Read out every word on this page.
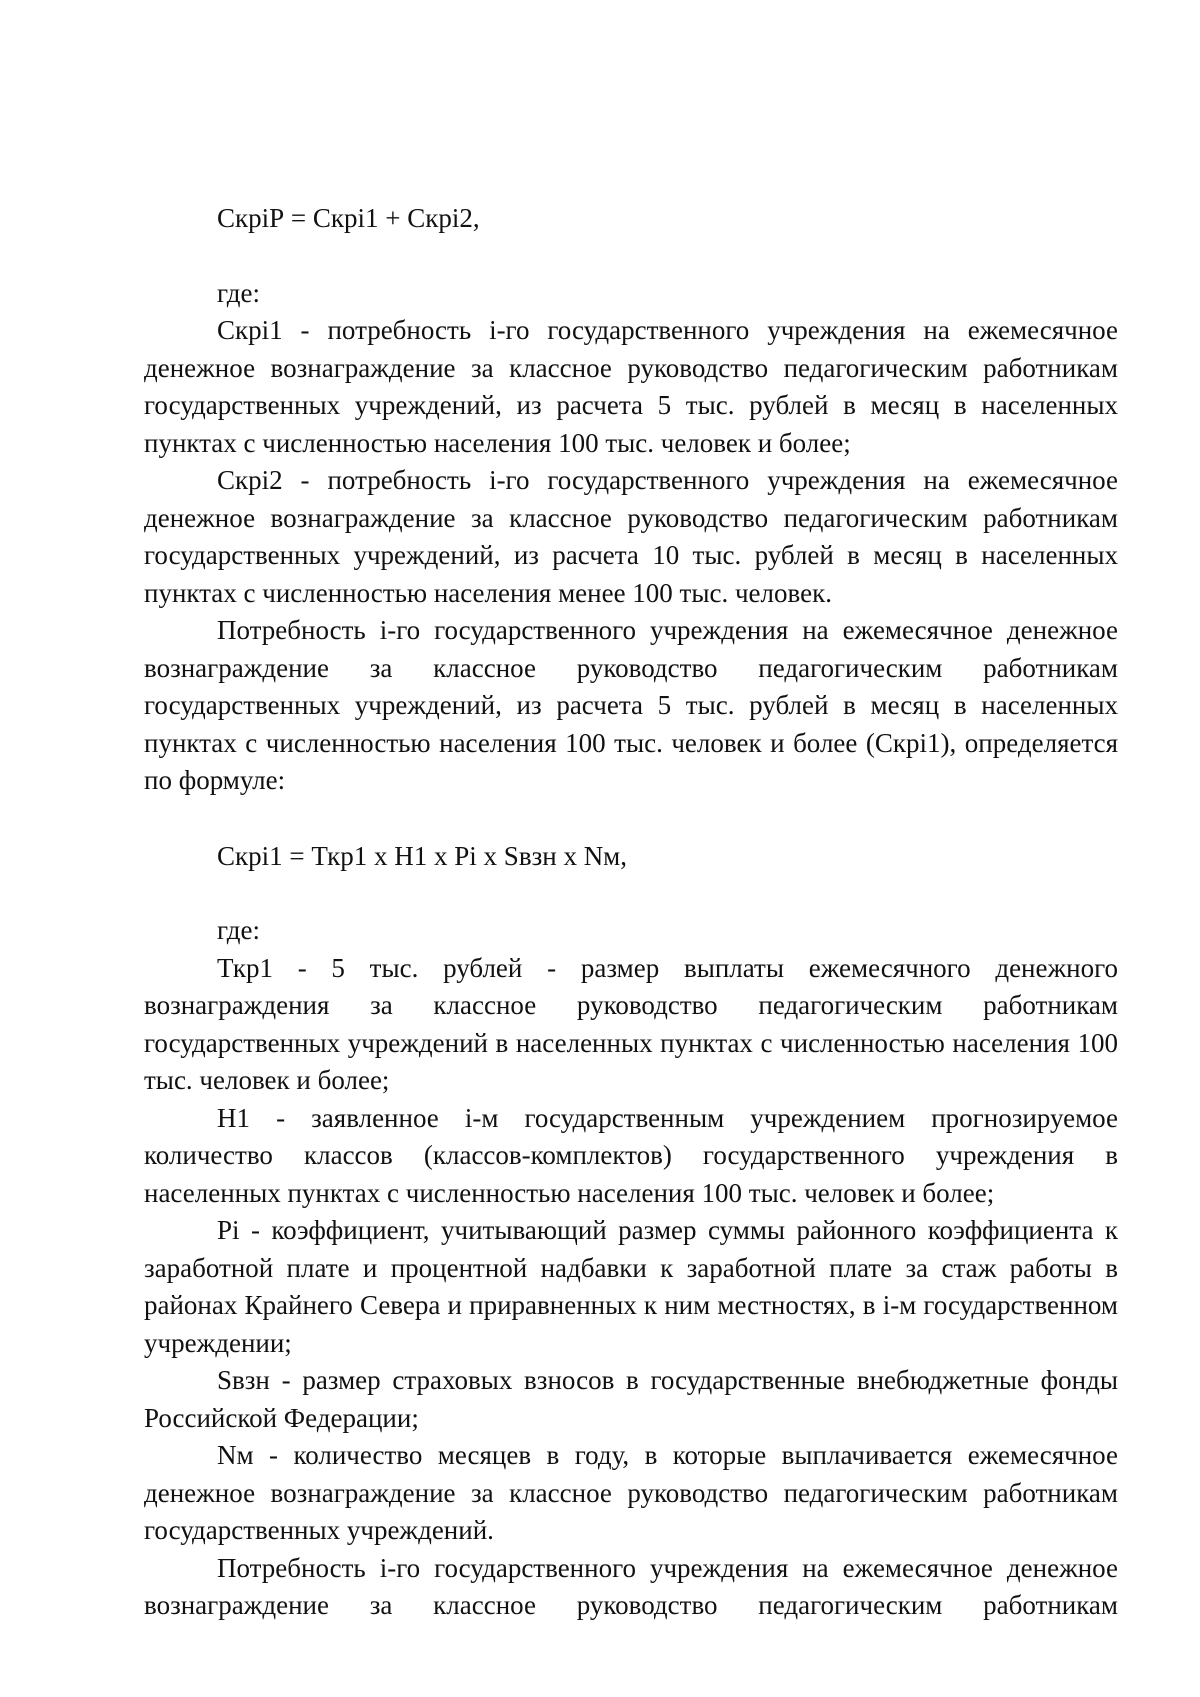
СкріР = Скрі1 + Скрі2,

где:

Скрі1 - потребность і-го государственного учреждения на ежемесячное денежное вознаграждение за классное руководство педагогическим работникам государственных учреждений, из расчета 5 тыс. рублей в месяц в населенных пунктах с численностью населения 100 тыс. человек и более;

Скрі2 - потребность і-го государственного учреждения на ежемесячное денежное вознаграждение за классное руководство педагогическим работникам государственных учреждений, из расчета 10 тыс. рублей в месяц в населенных пунктах с численностью населения менее 100 тыс. человек.

Потребность і-го государственного учреждения на ежемесячное денежное вознаграждение за классное руководство педагогическим работникам государственных учреждений, из расчета 5 тыс. рублей в месяц в населенных пунктах с численностью населения 100 тыс. человек и более (Скрі1), определяется по формуле:

Скрі1 = Ткр1 х Н1 х Рі х Sвзн х Nм,

где:

Ткр1 - 5 тыс. рублей - размер выплаты ежемесячного денежного вознаграждения за классное руководство педагогическим работникам государственных учреждений в населенных пунктах с численностью населения 100 тыс. человек и более;

Н1 - заявленное і-м государственным учреждением прогнозируемое количество классов (классов-комплектов) государственного учреждения в населенных пунктах с численностью населения 100 тыс. человек и более;

Рі - коэффициент, учитывающий размер суммы районного коэффициента к заработной плате и процентной надбавки к заработной плате за стаж работы в районах Крайнего Севера и приравненных к ним местностях, в і-м государственном учреждении;

Sвзн - размер страховых взносов в государственные внебюджетные фонды Российской Федерации;

Nм - количество месяцев в году, в которые выплачивается ежемесячное денежное вознаграждение за классное руководство педагогическим работникам государственных учреждений.

Потребность і-го государственного учреждения на ежемесячное денежное вознаграждение за классное руководство педагогическим работникам
